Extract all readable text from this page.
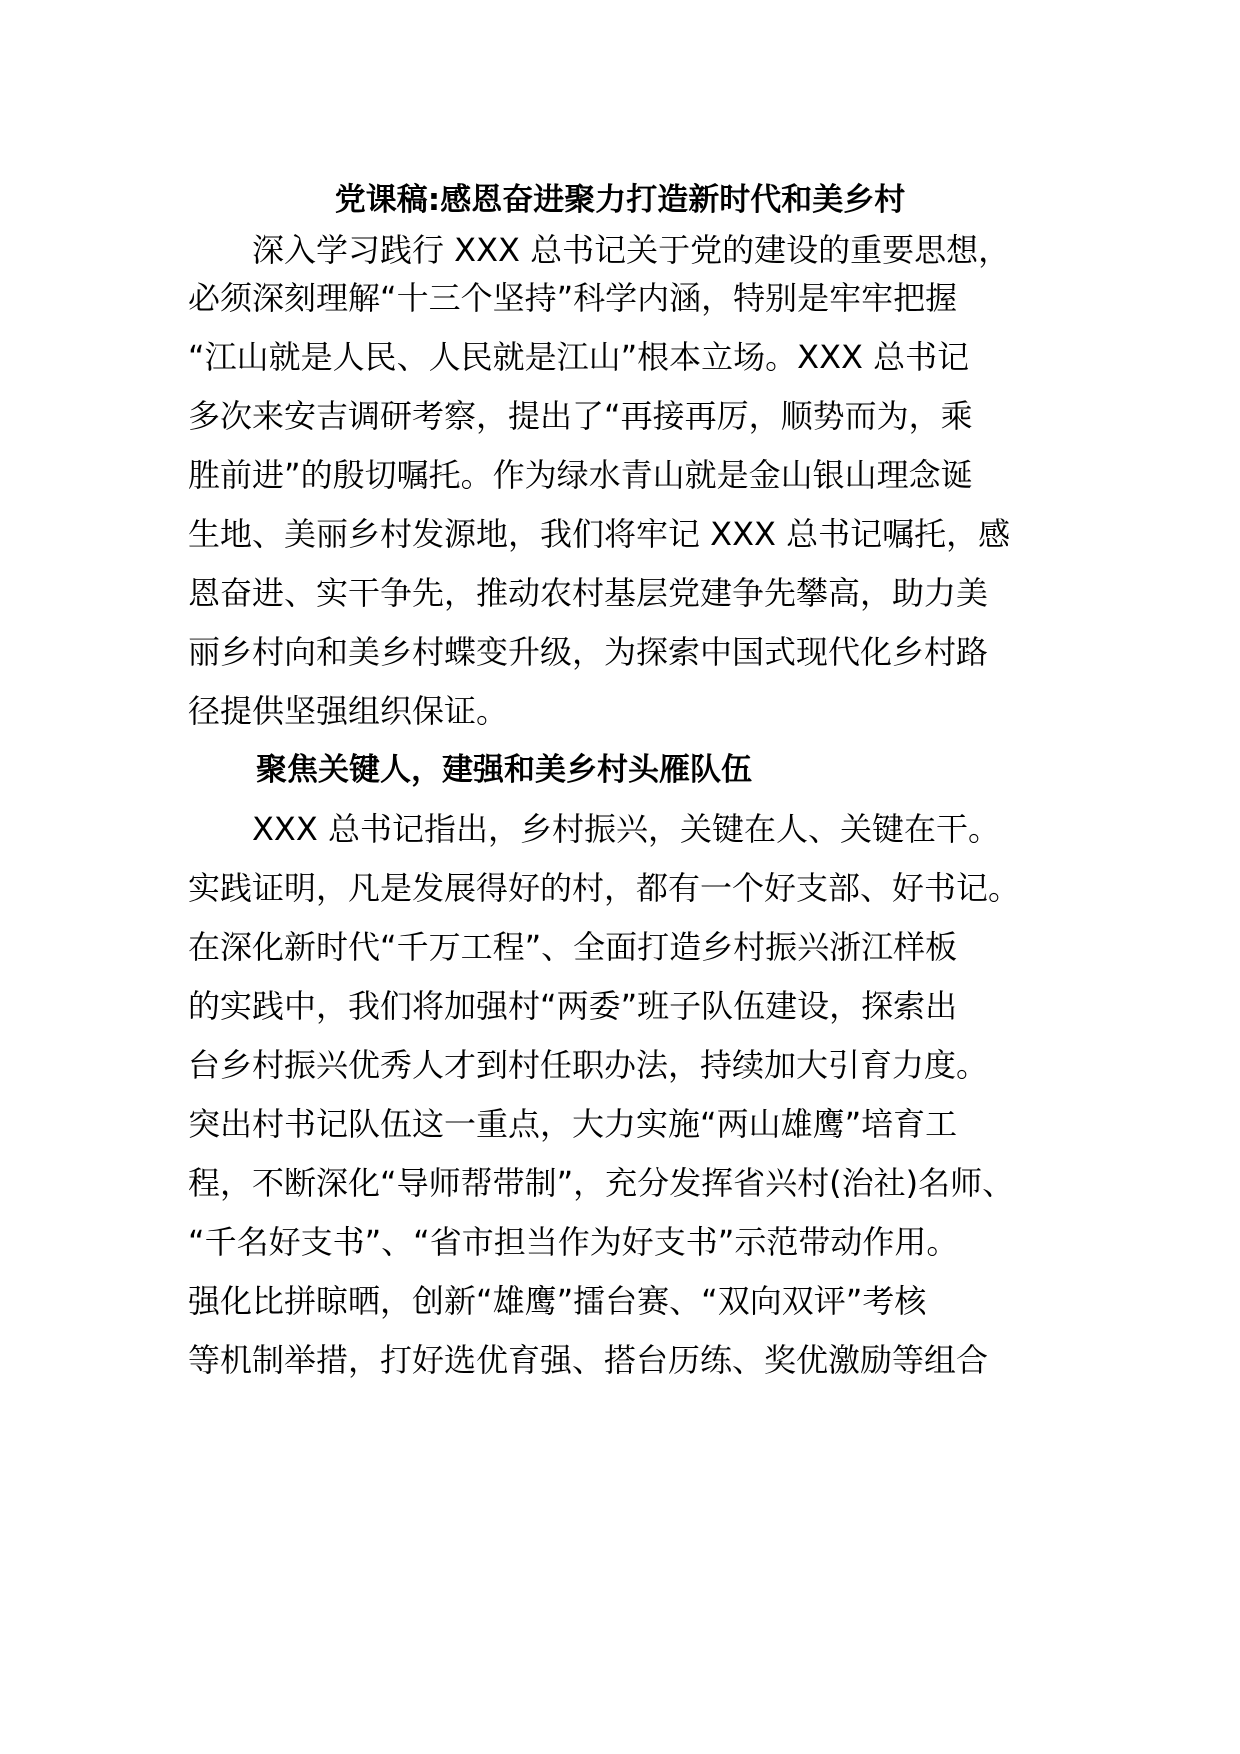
党课稿:感恩奋进聚力打造新时代和美乡村
　　深入学习践行 XXX 总书记关于党的建设的重要思想，
必须深刻理解“十三个坚持”科学内涵，特别是牢牢把握
“江山就是人民、人民就是江山”根本立场。XXX 总书记
多次来安吉调研考察，提出了“再接再厉，顺势而为，乘
胜前进”的殷切嘱托。作为绿水青山就是金山银山理念诞
生地、美丽乡村发源地，我们将牢记 XXX 总书记嘱托，感
恩奋进、实干争先，推动农村基层党建争先攀高，助力美
丽乡村向和美乡村蝶变升级，为探索中国式现代化乡村路
径提供坚强组织保证。
聚焦关键人，建强和美乡村头雁队伍
　　XXX 总书记指出，乡村振兴，关键在人、关键在干。
实践证明，凡是发展得好的村，都有一个好支部、好书记。
在深化新时代“千万工程”、全面打造乡村振兴浙江样板
的实践中，我们将加强村“两委”班子队伍建设，探索出
台乡村振兴优秀人才到村任职办法，持续加大引育力度。
突出村书记队伍这一重点，大力实施“两山雄鹰”培育工
程，不断深化“导师帮带制”，充分发挥省兴村(治社)名师、
“千名好支书”、“省市担当作为好支书”示范带动作用。
强化比拼晾晒，创新“雄鹰”擂台赛、“双向双评”考核
等机制举措，打好选优育强、搭台历练、奖优激励等组合
